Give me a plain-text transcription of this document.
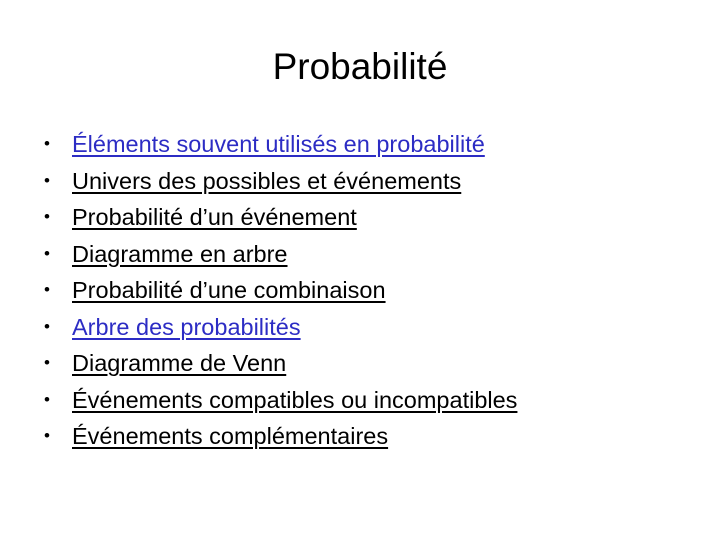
Probabilité
• Éléments souvent utilisés en probabilité
• Univers des possibles et événements
• Probabilité d’un événement
• Diagramme en arbre
• Probabilité d’une combinaison
• Arbre des probabilités
• Diagramme de Venn
• Événements compatibles ou incompatibles
• Événements complémentaires
